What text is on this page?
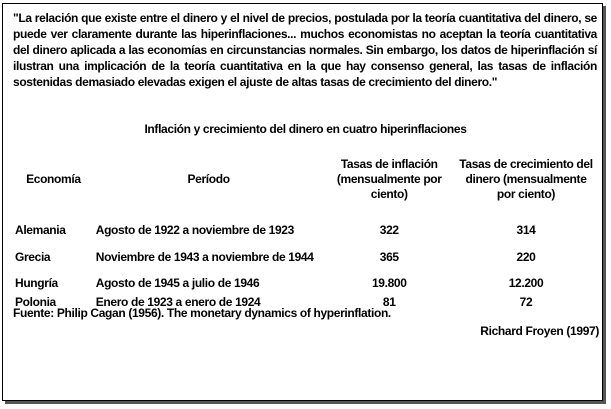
"La relación que existe entre el dinero y el nivel de precios, postulada por la teoría cuantitativa del dinero, se puede ver claramente durante las hiperinflaciones... muchos economistas no aceptan la teoría cuantitativa del dinero aplicada a las economías en circunstancias normales. Sin embargo, los datos de hiperinflación sí ilustran una implicación de la teoría cuantitativa en la que hay consenso general, las tasas de inflación sostenidas demasiado elevadas exigen el ajuste de altas tasas de crecimiento del dinero."

Inflación y crecimiento del dinero en cuatro hiperinflaciones
Economía	Período	Tasas de inflación (mensualmente por ciento)	Tasas de crecimiento del dinero (mensualmente por ciento)
Alemania	Agosto de 1922 a noviembre de 1923	322	314
Grecia	Noviembre de 1943 a noviembre de 1944	365	220
Hungría	Agosto de 1945 a julio de 1946	19.800	12.200
Polonia	Enero de 1923 a enero de 1924	81	72
Fuente: Philip Cagan (1956). The monetary dynamics of hyperinflation.
Richard Froyen (1997)
